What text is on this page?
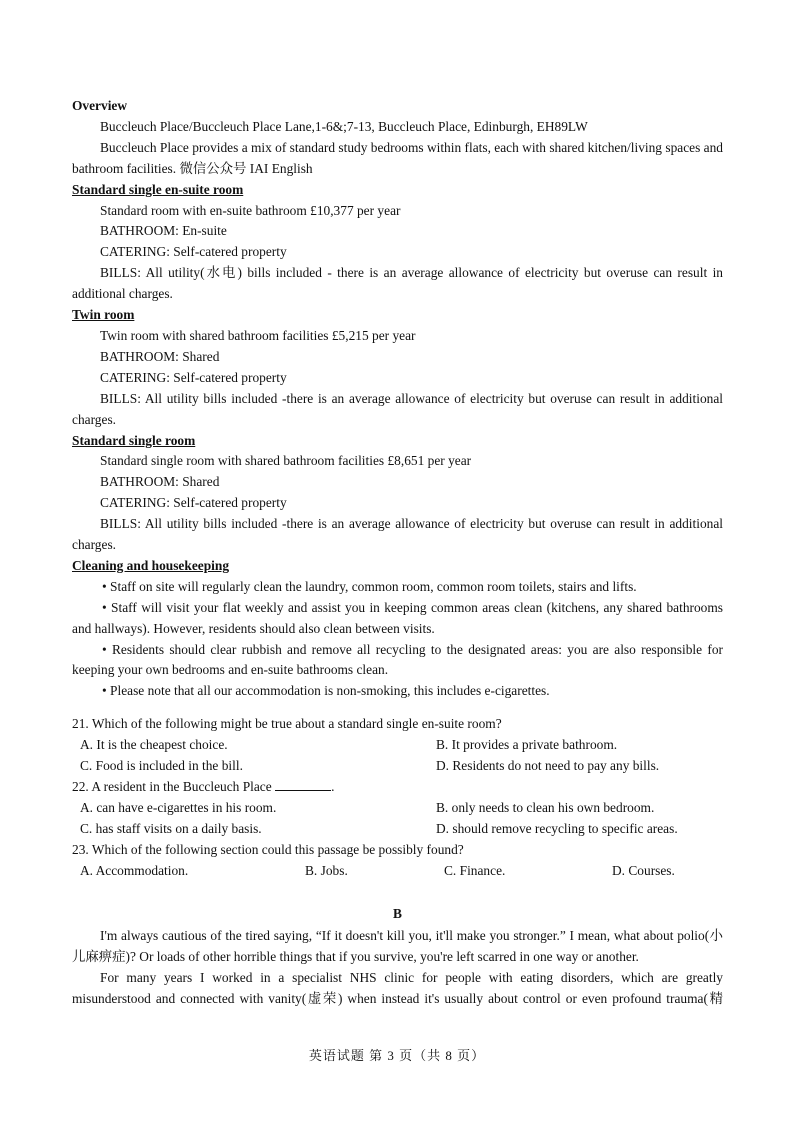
Overview
Buccleuch Place/Buccleuch Place Lane,1-6&;7-13, Buccleuch Place, Edinburgh, EH89LW
Buccleuch Place provides a mix of standard study bedrooms within flats, each with shared kitchen/living spaces and bathroom facilities. 微信公众号 IAI English
Standard single en-suite room
Standard room with en-suite bathroom £10,377 per year
BATHROOM: En-suite
CATERING: Self-catered property
BILLS: All utility(水电) bills included - there is an average allowance of electricity but overuse can result in additional charges.
Twin room
Twin room with shared bathroom facilities £5,215 per year
BATHROOM: Shared
CATERING: Self-catered property
BILLS: All utility bills included -there is an average allowance of electricity but overuse can result in additional charges.
Standard single room
Standard single room with shared bathroom facilities £8,651 per year
BATHROOM: Shared
CATERING: Self-catered property
BILLS: All utility bills included -there is an average allowance of electricity but overuse can result in additional charges.
Cleaning and housekeeping
• Staff on site will regularly clean the laundry, common room, common room toilets, stairs and lifts.
• Staff will visit your flat weekly and assist you in keeping common areas clean (kitchens, any shared bathrooms and hallways). However, residents should also clean between visits.
• Residents should clear rubbish and remove all recycling to the designated areas: you are also responsible for keeping your own bedrooms and en-suite bathrooms clean.
• Please note that all our accommodation is non-smoking, this includes e-cigarettes.
21. Which of the following might be true about a standard single en-suite room?
A. It is the cheapest choice.	B. It provides a private bathroom.
C. Food is included in the bill.	D. Residents do not need to pay any bills.
22. A resident in the Buccleuch Place	.
A. can have e-cigarettes in his room.	B. only needs to clean his own bedroom.
C. has staff visits on a daily basis.	D. should remove recycling to specific areas.
23. Which of the following section could this passage be possibly found?
A. Accommodation.	B. Jobs.	C. Finance.	D. Courses.
B
I'm always cautious of the tired saying, “If it doesn't kill you, it'll make you stronger.” I mean, what about polio(小儿麻痹症)? Or loads of other horrible things that if you survive, you're left scarred in one way or another.
For many years I worked in a specialist NHS clinic for people with eating disorders, which are greatly misunderstood and connected with vanity(虚荣) when instead it's usually about control or even profound trauma(精
英语试题 第 3 页（共 8 页）
